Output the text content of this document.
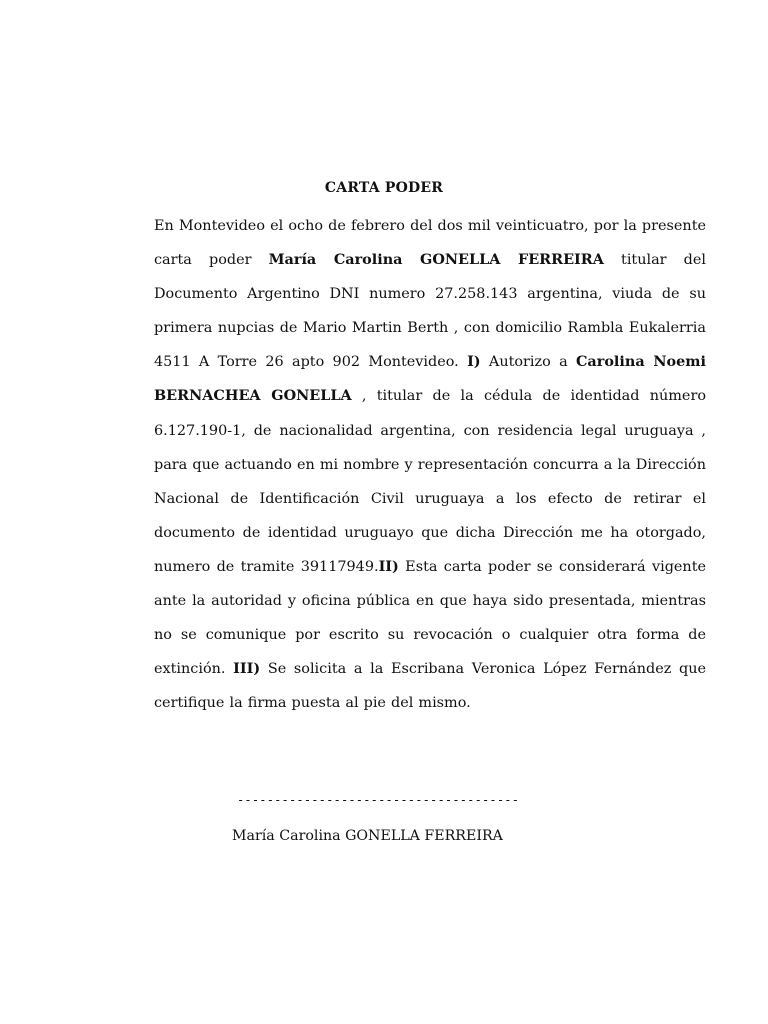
CARTA PODER

En Montevideo el ocho de febrero del dos mil veinticuatro, por la presente carta poder María Carolina GONELLA FERREIRA titular del Documento Argentino DNI numero 27.258.143 argentina, viuda de su primera nupcias de Mario Martin Berth , con domicilio Rambla Eukalerria 4511 A Torre 26 apto 902 Montevideo. I) Autorizo a Carolina Noemi BERNACHEA GONELLA , titular de la cédula de identidad número 6.127.190-1, de nacionalidad argentina, con residencia legal uruguaya , para que actuando en mi nombre y representación concurra a la Dirección Nacional de Identificación Civil uruguaya a los efecto de retirar el documento de identidad uruguayo que dicha Dirección me ha otorgado, numero de tramite 39117949.II) Esta carta poder se considerará vigente ante la autoridad y oficina pública en que haya sido presentada, mientras no se comunique por escrito su revocación o cualquier otra forma de extinción. III) Se solicita a la Escribana Veronica López Fernández que certifique la firma puesta al pie del mismo.

--------------------------------------

María Carolina GONELLA FERREIRA
